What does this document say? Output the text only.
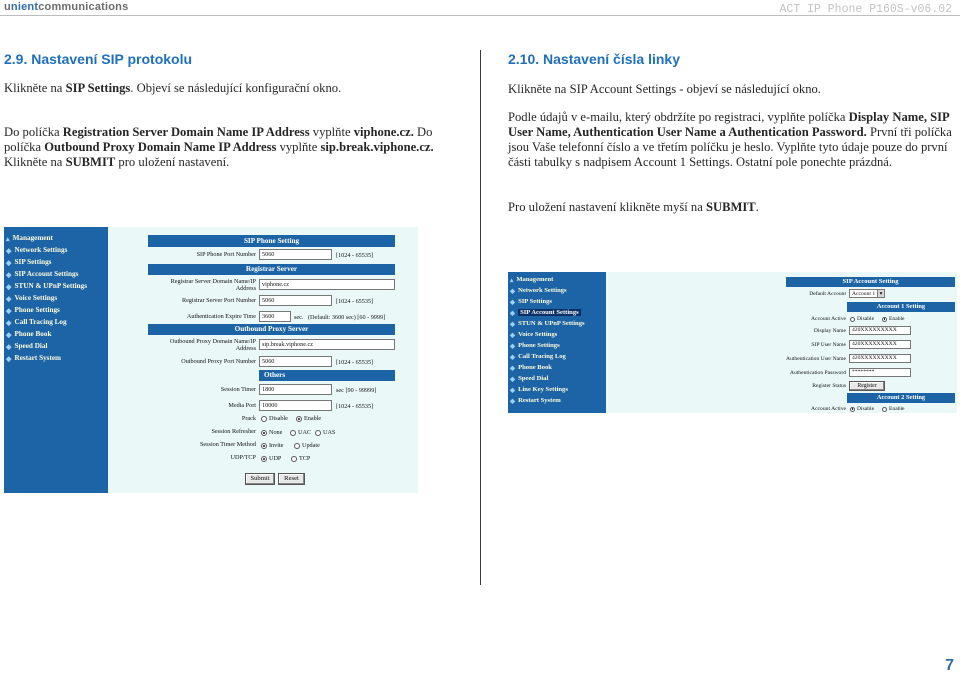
unientcommunications	ACT IP Phone P160S-v06.02
2.9. Nastavení SIP protokolu
Klikněte na SIP Settings. Objeví se následující konfigurační okno.
Do políčka Registration Server Domain Name IP Address vyplňte viphone.cz. Do políčka Outbound Proxy Domain Name IP Address vyplňte sip.break.viphone.cz. Klikněte na SUBMIT pro uložení nastavení.
2.10. Nastavení čísla linky
Klikněte na SIP Account Settings - objeví se následující okno.
Podle údajů v e-mailu, který obdržíte po registraci, vyplňte políčka Display Name, SIP User Name, Authentication User Name a Authentication Password. První tři políčka jsou Vaše telefonní číslo a ve třetím políčku je heslo. Vyplňte tyto údaje pouze do první části tabulky s nadpisem Account 1 Settings. Ostatní pole ponechte prázdná.
Pro uložení nastavení klikněte myší na SUBMIT.
▴ Management
◆ Network Settings
◆ SIP Settings
◆ SIP Account Settings
◆ STUN & UPnP Settings
◆ Voice Settings
◆ Phone Settings
◆ Call Tracing Log
◆ Phone Book
◆ Speed Dial
◆ Restart System
SIP Phone Setting
SIP Phone Port Number 5060	[1024 - 65535]
Registrar Server
Registrar Server Domain Name/IP
Address
viphone.cz
Registrar Server Port Number 5060	[1024 - 65535]
Authentication Expire Time 3600	sec. (Default: 3600 sec) [60 - 9999]
Outbound Proxy Server
Outbound Proxy Domain Name/IP
Address
sip.break.viphone.cz
Outbound Proxy Port Number 5060	[1024 - 65535]
Others
Session Timer 1800	sec [90 - 99999]
Media Port 10000	[1024 - 65535]
Prack Disable	Enable
Session Refresher None	UAC UAS
Session Timer Method Invite	Update
UDP/TCP UDP	TCP
Submit	Reset
▴ Management
◆ Network Settings
◆ SIP Settings
◆ SIP Account Settings
◆ STUN & UPnP Settings
◆ Voice Settings
◆ Phone Settings
◆ Call Tracing Log
◆ Phone Book
◆ Speed Dial
◆ Line Key Settings
◆ Restart System
SIP Account Setting
Default Account Account 1 ▾
Account 1 Setting
Account Active Disable	Enable
Display Name	420XXXXXXXXX
SIP User Name	420XXXXXXXXX
Authentication User Name	420XXXXXXXXX
Authentication Password	********
Register Status	Register
Account 2 Setting
Account Active Disable	Enable
7
